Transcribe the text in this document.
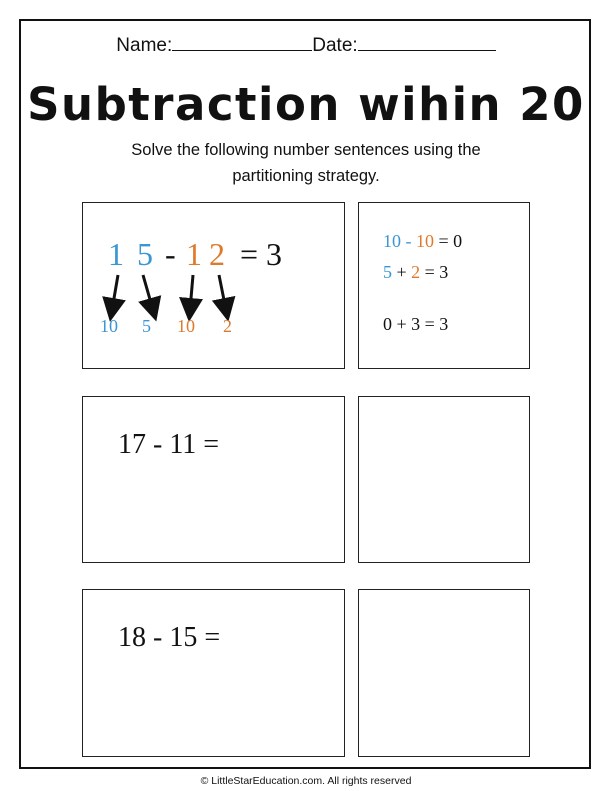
Name:	Date:
Subtraction wihin 20
Solve the following number sentences using the
partitioning strategy.
1 5 - 1 2 = 3
10 5 10 2
10 - 10 = 0
5 + 2 = 3
0 + 3 = 3
17 - 11 =
18 - 15 =
© LittleStarEducation.com. All rights reserved
